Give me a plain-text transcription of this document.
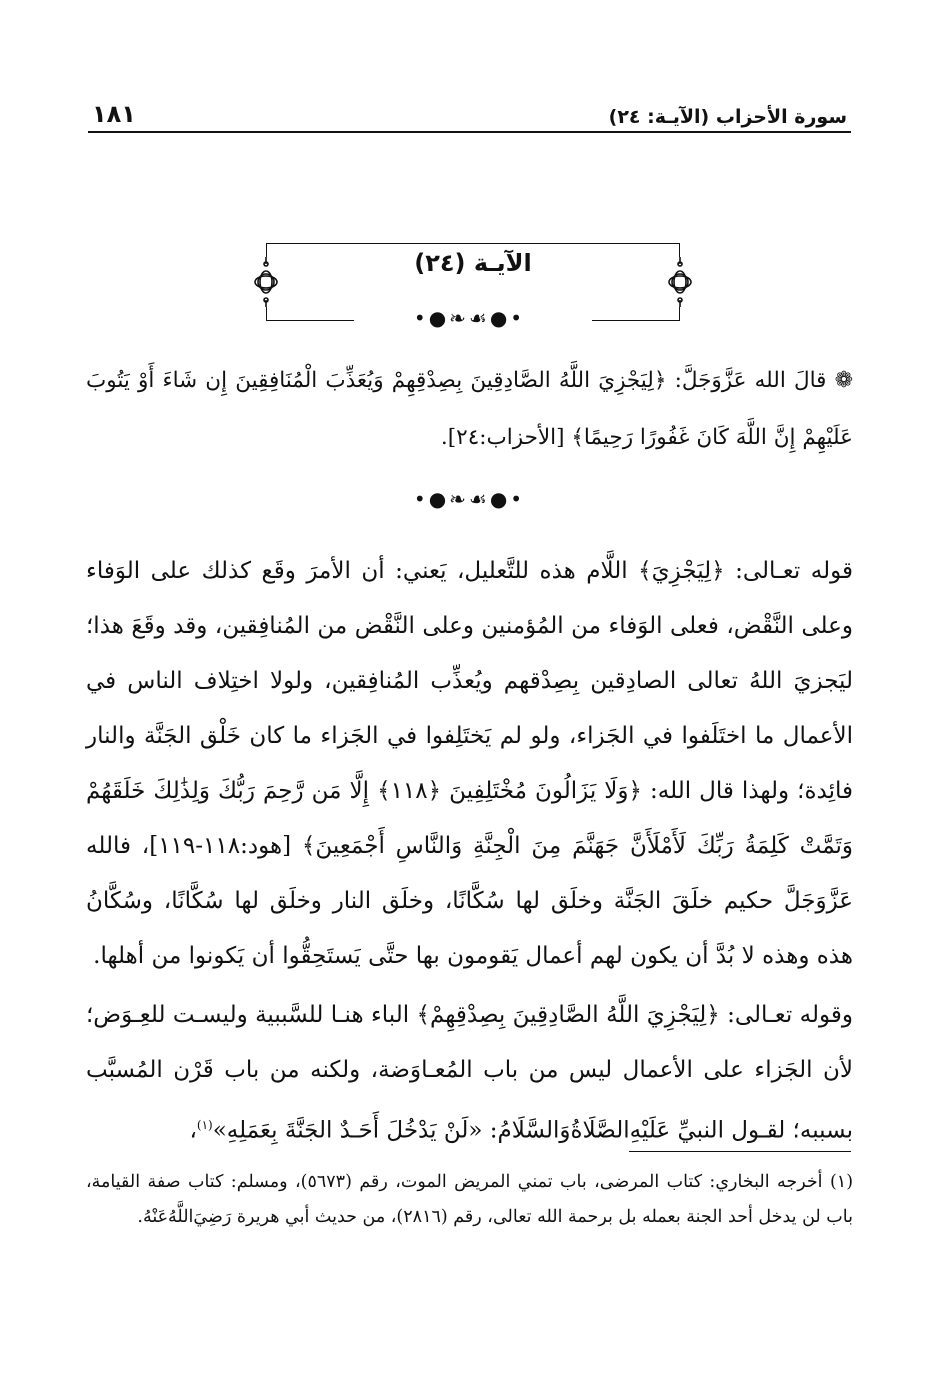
سورة الأحزاب (الآيـة: ٢٤)
١٨١
الآيـة (٢٤)
•●☙❧●•
❁ قالَ الله عَزَّوَجَلَّ: ﴿لِيَجْزِيَ اللَّهُ الصَّادِقِينَ بِصِدْقِهِمْ وَيُعَذِّبَ الْمُنَافِقِينَ إِن شَاءَ أَوْ يَتُوبَ عَلَيْهِمْ إِنَّ اللَّهَ كَانَ غَفُورًا رَحِيمًا﴾ [الأحزاب:٢٤].
•●☙❧●•
قوله تعـالى: ﴿لِيَجْزِيَ﴾ اللَّام هذه للتَّعليل، يَعني: أن الأمرَ وقَع كذلك على الوَفاء وعلى النَّقْض، فعلى الوَفاء من المُؤمنين وعلى النَّقْض من المُنافِقين، وقد وقَعَ هذا؛ ليَجزيَ اللهُ تعالى الصادِقين بِصِدْقهم ويُعذِّب المُنافِقين، ولولا اختِلاف الناس في الأعمال ما اختَلَفوا في الجَزاء، ولو لم يَختَلِفوا في الجَزاء ما كان خَلْق الجَنَّة والنار فائِدة؛ ولهذا قال الله: ﴿وَلَا يَزَالُونَ مُخْتَلِفِينَ ﴿١١٨﴾ إِلَّا مَن رَّحِمَ رَبُّكَ وَلِذَٰلِكَ خَلَقَهُمْ وَتَمَّتْ كَلِمَةُ رَبِّكَ لَأَمْلَأَنَّ جَهَنَّمَ مِنَ الْجِنَّةِ وَالنَّاسِ أَجْمَعِينَ﴾ [هود:١١٨-١١٩]، فالله عَزَّوَجَلَّ حكيم خلَقَ الجَنَّة وخلَق لها سُكَّانًا، وخلَق النار وخلَق لها سُكَّانًا، وسُكَّانُ هذه وهذه لا بُدَّ أن يكون لهم أعمال يَقومون بها حتَّى يَستَحِقُّوا أن يَكونوا من أهلها.
وقوله تعـالى: ﴿لِيَجْزِيَ اللَّهُ الصَّادِقِينَ بِصِدْقِهِمْ﴾ الباء هنـا للسَّببية وليسـت للعِـوَض؛ لأن الجَزاء على الأعمال ليس من باب المُعـاوَضة، ولكنه من باب قَرْن المُسبَّب بسببه؛ لقـول النبيِّ عَلَيْهِ‌الصَّلَاةُ‌وَالسَّلَامُ: «لَنْ يَدْخُلَ أَحَـدٌ الجَنَّةَ بِعَمَلِهِ»$^{(١)}$،
(١) أخرجه البخاري: كتاب المرضى، باب تمني المريض الموت، رقم (٥٦٧٣)، ومسلم: كتاب صفة القيامة، باب لن يدخل أحد الجنة بعمله بل برحمة الله تعالى، رقم (٢٨١٦)، من حديث أبي هريرة رَضِيَ‌اللَّهُ‌عَنْهُ.
